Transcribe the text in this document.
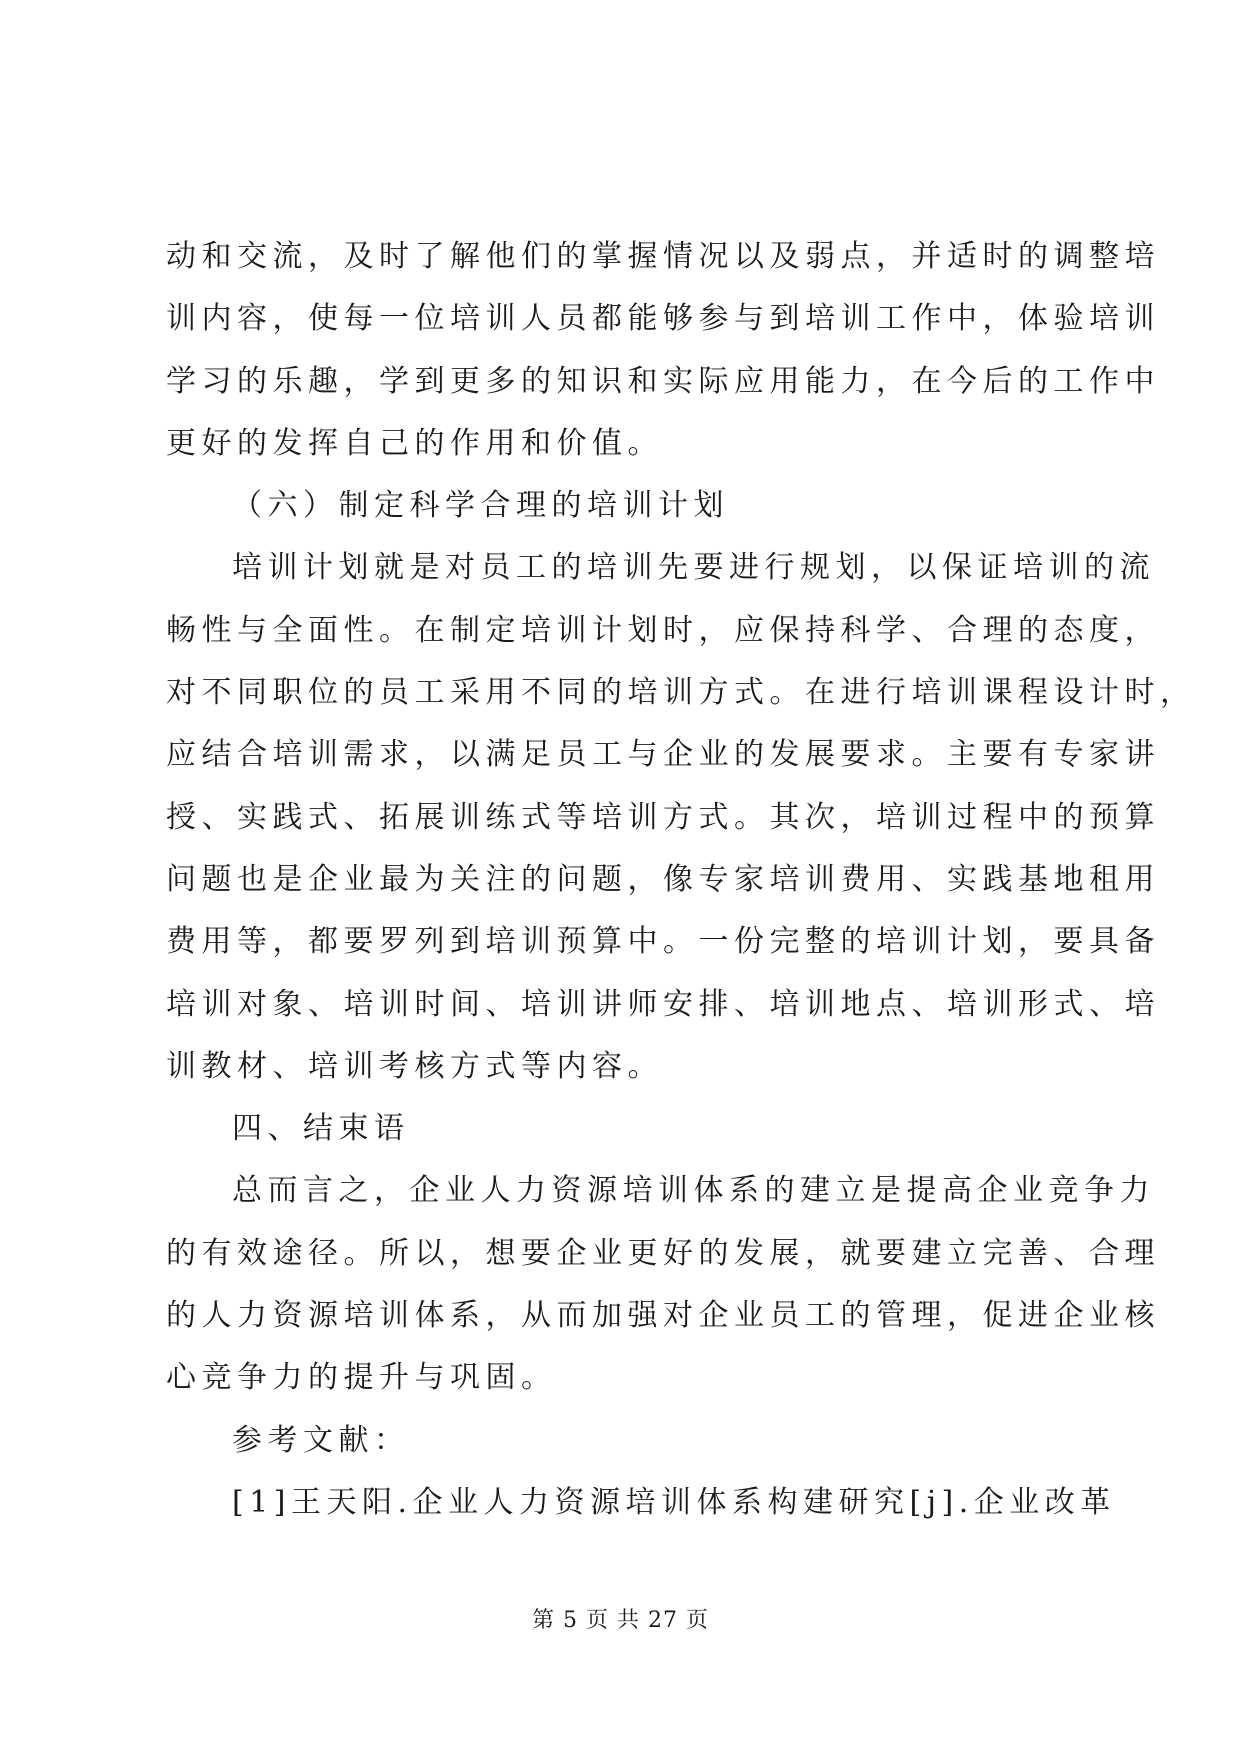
动和交流，及时了解他们的掌握情况以及弱点，并适时的调整培
训内容，使每一位培训人员都能够参与到培训工作中，体验培训
学习的乐趣，学到更多的知识和实际应用能力，在今后的工作中
更好的发挥自己的作用和价值。
（六）制定科学合理的培训计划
培训计划就是对员工的培训先要进行规划，以保证培训的流
畅性与全面性。在制定培训计划时，应保持科学、合理的态度，
对不同职位的员工采用不同的培训方式。在进行培训课程设计时，
应结合培训需求，以满足员工与企业的发展要求。主要有专家讲
授、实践式、拓展训练式等培训方式。其次，培训过程中的预算
问题也是企业最为关注的问题，像专家培训费用、实践基地租用
费用等，都要罗列到培训预算中。一份完整的培训计划，要具备
培训对象、培训时间、培训讲师安排、培训地点、培训形式、培
训教材、培训考核方式等内容。
四、结束语
总而言之，企业人力资源培训体系的建立是提高企业竞争力
的有效途径。所以，想要企业更好的发展，就要建立完善、合理
的人力资源培训体系，从而加强对企业员工的管理，促进企业核
心竞争力的提升与巩固。
参考文献：
[1]王天阳.企业人力资源培训体系构建研究[j].企业改革
第 5 页 共 27 页
